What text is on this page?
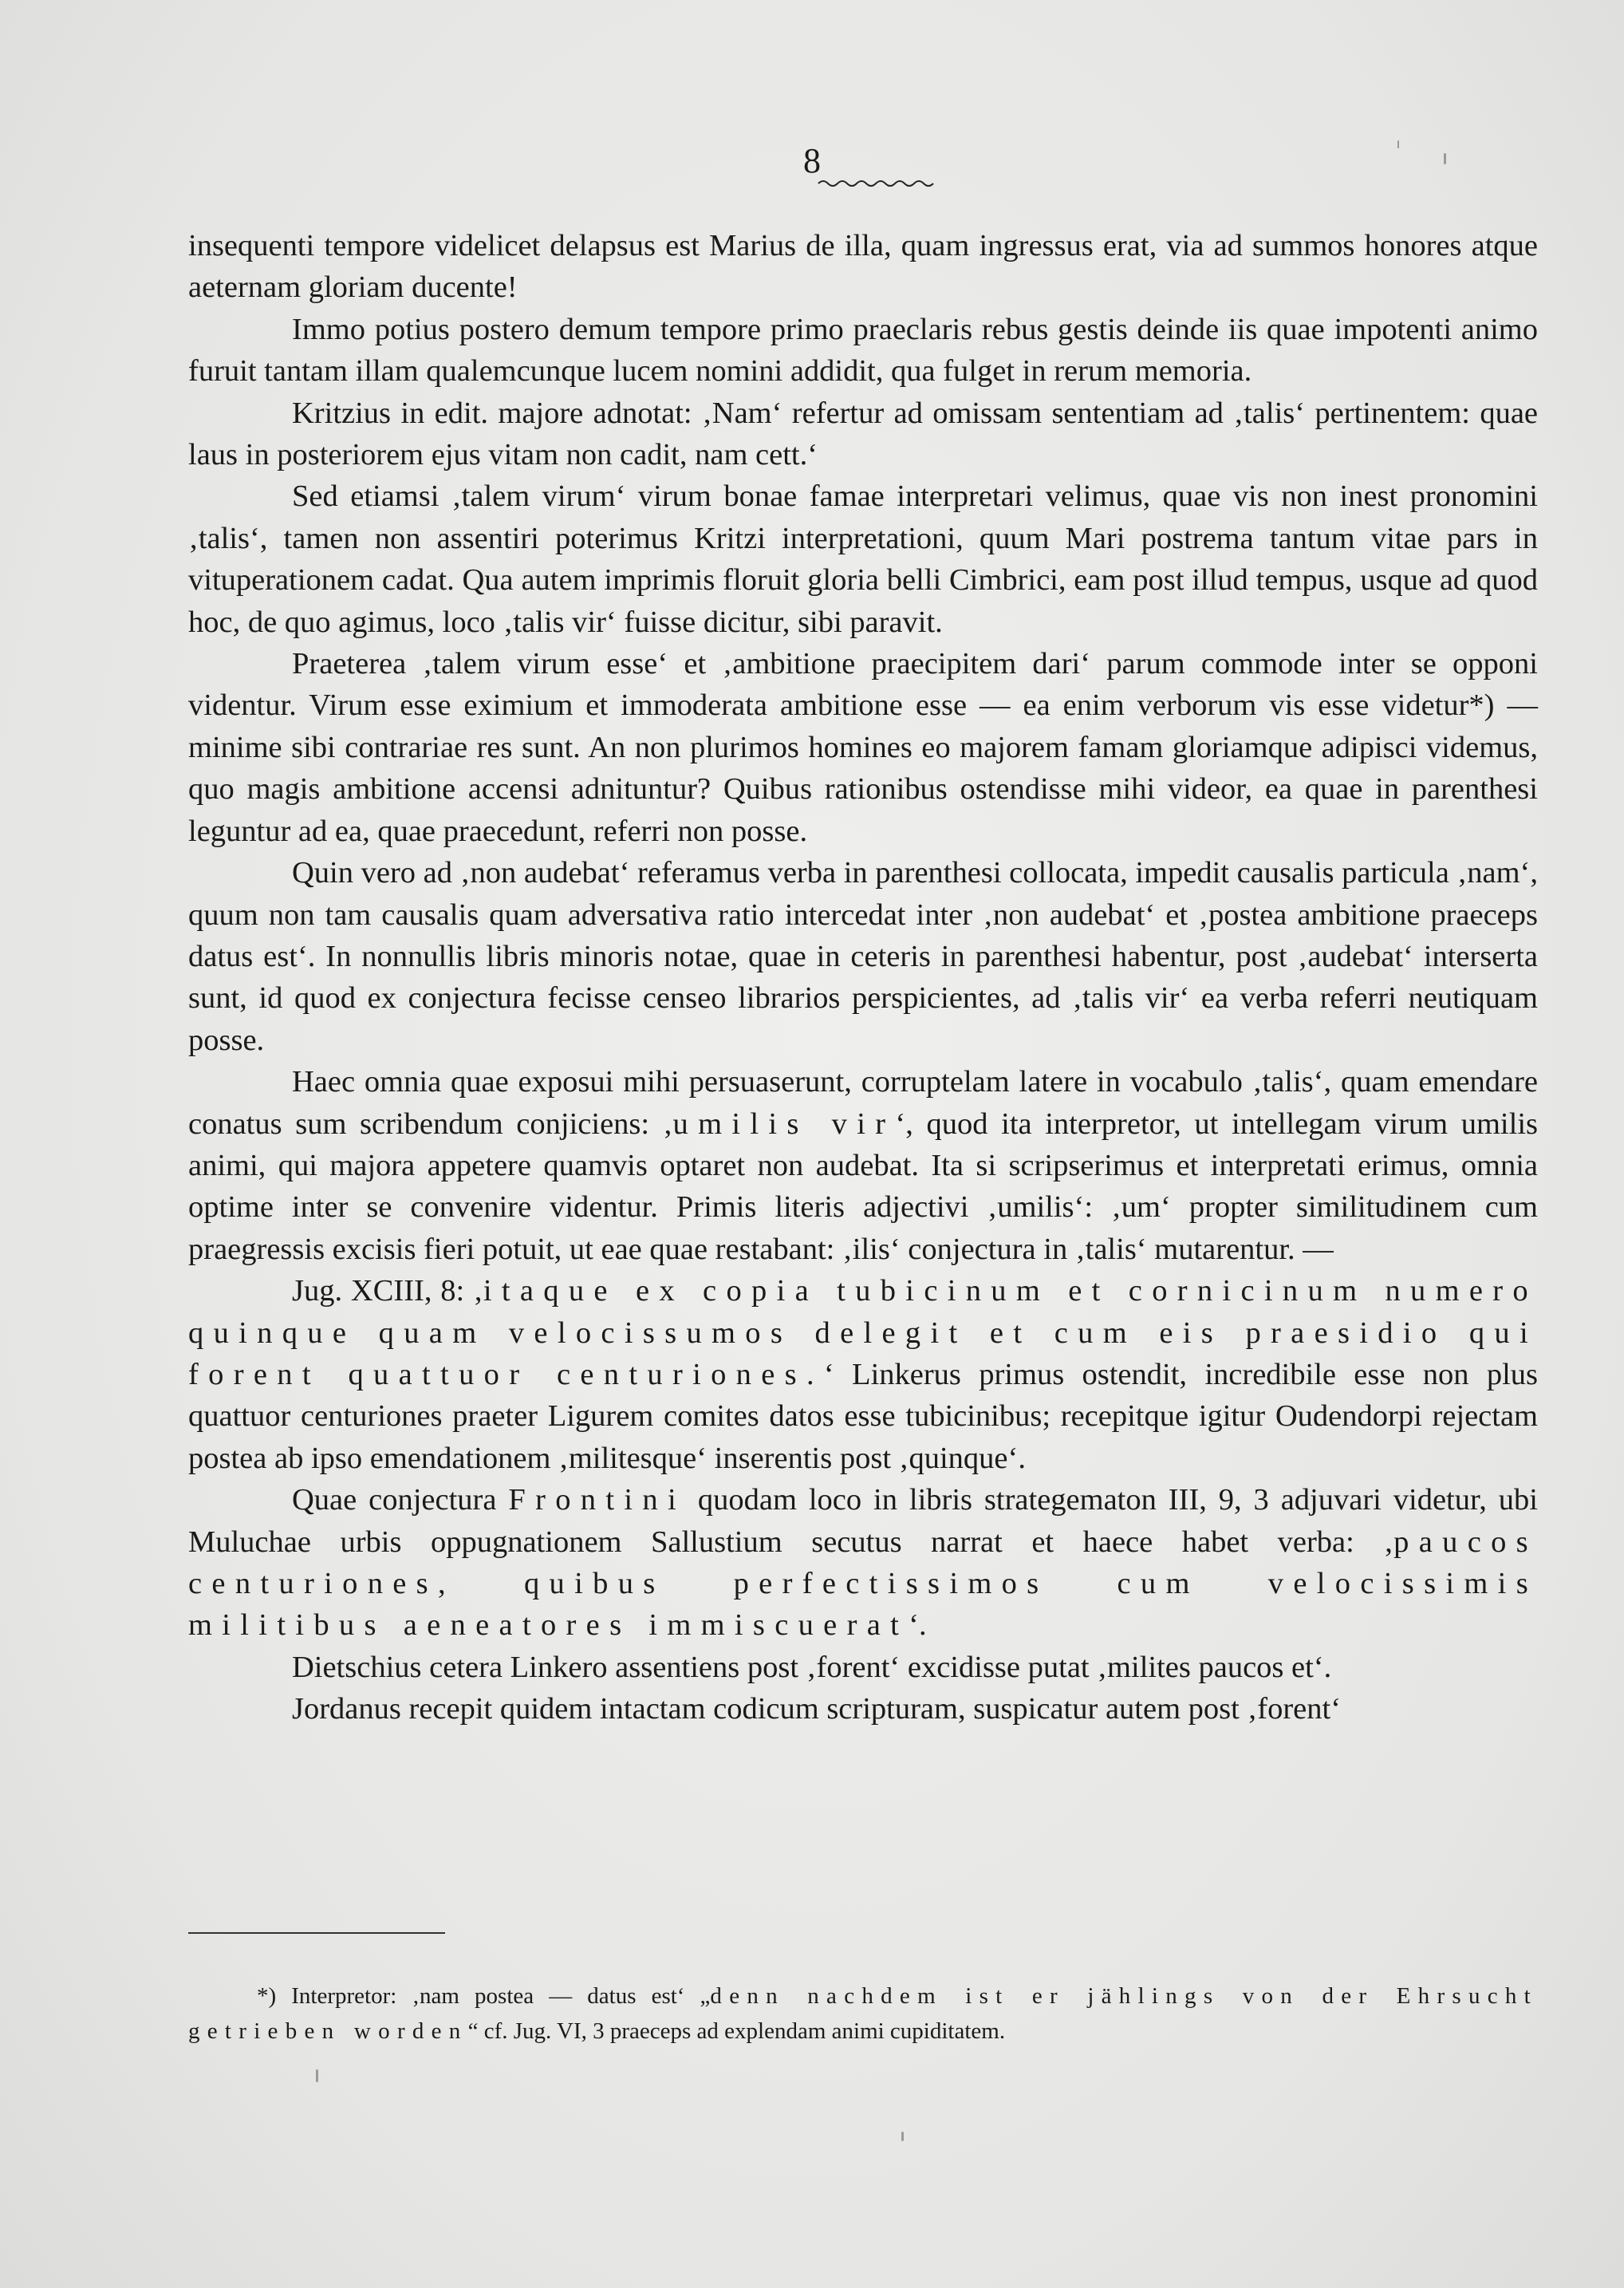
8

insequenti tempore videlicet delapsus est Marius de illa, quam ingressus erat, via ad summos honores atque aeternam gloriam ducente!

Immo potius postero demum tempore primo praeclaris rebus gestis deinde iis quae impotenti animo furuit tantam illam qualemcunque lucem nomini addidit, qua fulget in rerum memoria.

Kritzius in edit. majore adnotat: ‚Nam‘ refertur ad omissam sententiam ad ‚talis‘ pertinentem: quae laus in posteriorem ejus vitam non cadit, nam cett.‘

Sed etiamsi ‚talem virum‘ virum bonae famae interpretari velimus, quae vis non inest pronomini ‚talis‘, tamen non assentiri poterimus Kritzi interpretationi, quum Mari postrema tantum vitae pars in vituperationem cadat. Qua autem imprimis floruit gloria belli Cimbrici, eam post illud tempus, usque ad quod hoc, de quo agimus, loco ‚talis vir‘ fuisse dicitur, sibi paravit.

Praeterea ‚talem virum esse‘ et ‚ambitione praecipitem dari‘ parum commode inter se opponi videntur. Virum esse eximium et immoderata ambitione esse — ea enim verborum vis esse videtur*) — minime sibi contrariae res sunt. An non plurimos homines eo majorem famam gloriamque adipisci videmus, quo magis ambitione accensi adnituntur? Quibus rationibus ostendisse mihi videor, ea quae in parenthesi leguntur ad ea, quae praecedunt, referri non posse.

Quin vero ad ‚non audebat‘ referamus verba in parenthesi collocata, impedit causalis particula ‚nam‘, quum non tam causalis quam adversativa ratio intercedat inter ‚non audebat‘ et ‚postea ambitione praeceps datus est‘. In nonnullis libris minoris notae, quae in ceteris in parenthesi habentur, post ‚audebat‘ interserta sunt, id quod ex conjectura fecisse censeo librarios perspicientes, ad ‚talis vir‘ ea verba referri neutiquam posse.

Haec omnia quae exposui mihi persuaserunt, corruptelam latere in vocabulo ‚talis‘, quam emendare conatus sum scribendum conjiciens: ‚umilis vir‘, quod ita interpretor, ut intellegam virum umilis animi, qui majora appetere quamvis optaret non audebat. Ita si scripserimus et interpretati erimus, omnia optime inter se convenire videntur. Primis literis adjectivi ‚umilis‘: ‚um‘ propter similitudinem cum praegressis excisis fieri potuit, ut eae quae restabant: ‚ilis‘ conjectura in ‚talis‘ mutarentur. —

Jug. XCIII, 8: ‚itaque ex copia tubicinum et cornicinum numero quinque quam velocissumos delegit et cum eis praesidio qui forent quattuor centuriones.‘ Linkerus primus ostendit, incredibile esse non plus quattuor centuriones praeter Ligurem comites datos esse tubicinibus; recepitque igitur Oudendorpi rejectam postea ab ipso emendationem ‚militesque‘ inserentis post ‚quinque‘.

Quae conjectura Frontini quodam loco in libris strategematon III, 9, 3 adjuvari videtur, ubi Muluchae urbis oppugnationem Sallustium secutus narrat et haece habet verba: ‚paucos centuriones, quibus perfectissimos cum velocissimis militibus aeneatores immiscuerat‘.

Dietschius cetera Linkero assentiens post ‚forent‘ excidisse putat ‚milites paucos et‘.

Jordanus recepit quidem intactam codicum scripturam, suspicatur autem post ‚forent‘

*) Interpretor: ‚nam postea — datus est‘ „denn nachdem ist er jählings von der Ehrsucht getrieben worden“ cf. Jug. VI, 3 praeceps ad explendam animi cupiditatem.
